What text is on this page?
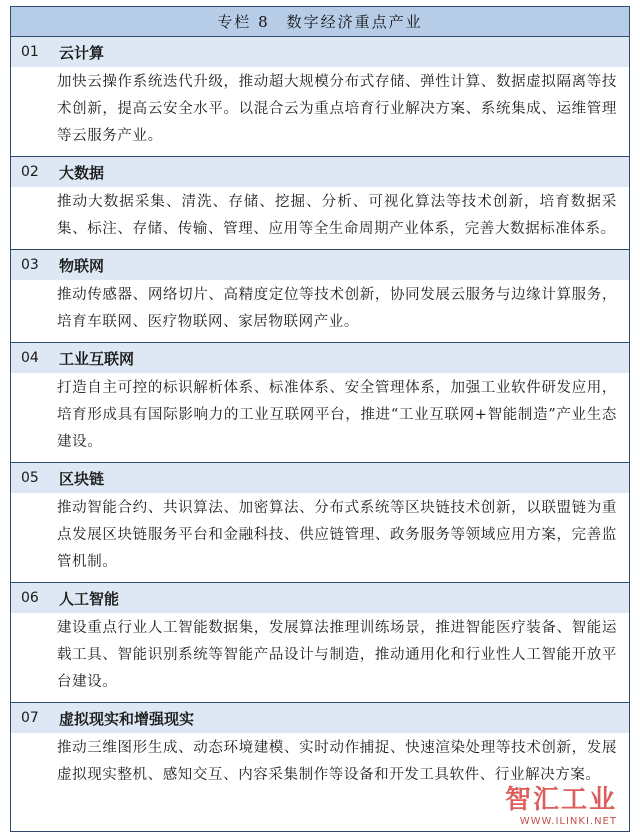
专栏 8　数字经济重点产业
01	云计算
加快云操作系统迭代升级，推动超大规模分布式存储、弹性计算、数据虚拟隔离等技术创新，提高云安全水平。以混合云为重点培育行业解决方案、系统集成、运维管理等云服务产业。
02	大数据
推动大数据采集、清洗、存储、挖掘、分析、可视化算法等技术创新，培育数据采集、标注、存储、传输、管理、应用等全生命周期产业体系，完善大数据标准体系。
03	物联网
推动传感器、网络切片、高精度定位等技术创新，协同发展云服务与边缘计算服务，培育车联网、医疗物联网、家居物联网产业。
04	工业互联网
打造自主可控的标识解析体系、标准体系、安全管理体系，加强工业软件研发应用，培育形成具有国际影响力的工业互联网平台，推进“工业互联网+智能制造”产业生态建设。
05	区块链
推动智能合约、共识算法、加密算法、分布式系统等区块链技术创新，以联盟链为重点发展区块链服务平台和金融科技、供应链管理、政务服务等领域应用方案，完善监管机制。
06	人工智能
建设重点行业人工智能数据集，发展算法推理训练场景，推进智能医疗装备、智能运载工具、智能识别系统等智能产品设计与制造，推动通用化和行业性人工智能开放平台建设。
07	虚拟现实和增强现实
推动三维图形生成、动态环境建模、实时动作捕捉、快速渲染处理等技术创新，发展虚拟现实整机、感知交互、内容采集制作等设备和开发工具软件、行业解决方案。
智汇工业
WWW.ILINKI.NET
